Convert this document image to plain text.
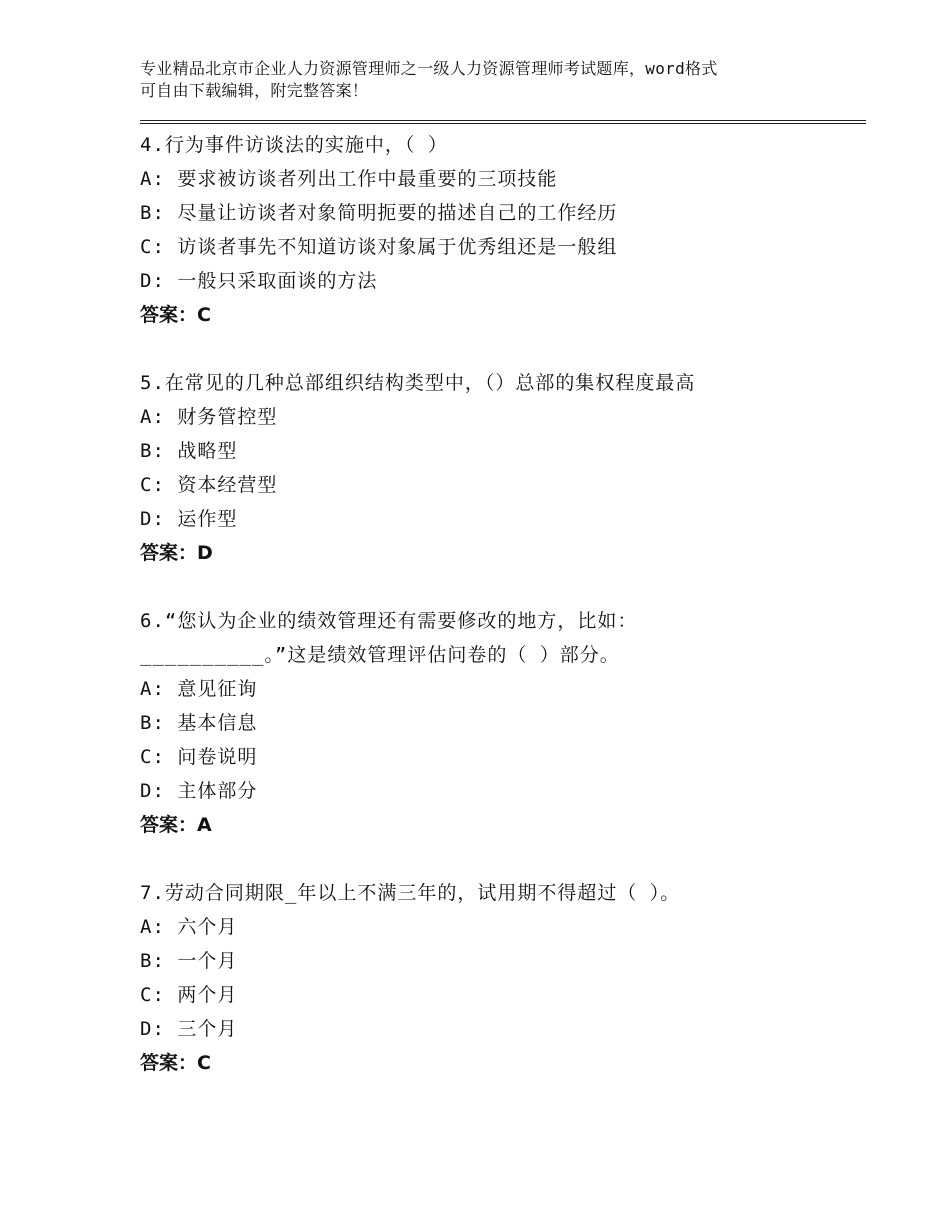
专业精品北京市企业人力资源管理师之一级人力资源管理师考试题库，word格式
可自由下载编辑，附完整答案！
4.行为事件访谈法的实施中，（ ）
A: 要求被访谈者列出工作中最重要的三项技能
B: 尽量让访谈者对象简明扼要的描述自己的工作经历
C: 访谈者事先不知道访谈对象属于优秀组还是一般组
D: 一般只采取面谈的方法
答案：C
5.在常见的几种总部组织结构类型中，（）总部的集权程度最高
A: 财务管控型
B: 战略型
C: 资本经营型
D: 运作型
答案：D
6.“您认为企业的绩效管理还有需要修改的地方，比如：
__________。”这是绩效管理评估问卷的（ ）部分。
A: 意见征询
B: 基本信息
C: 问卷说明
D: 主体部分
答案：A
7.劳动合同期限_年以上不满三年的，试用期不得超过（ ）。
A: 六个月
B: 一个月
C: 两个月
D: 三个月
答案：C
